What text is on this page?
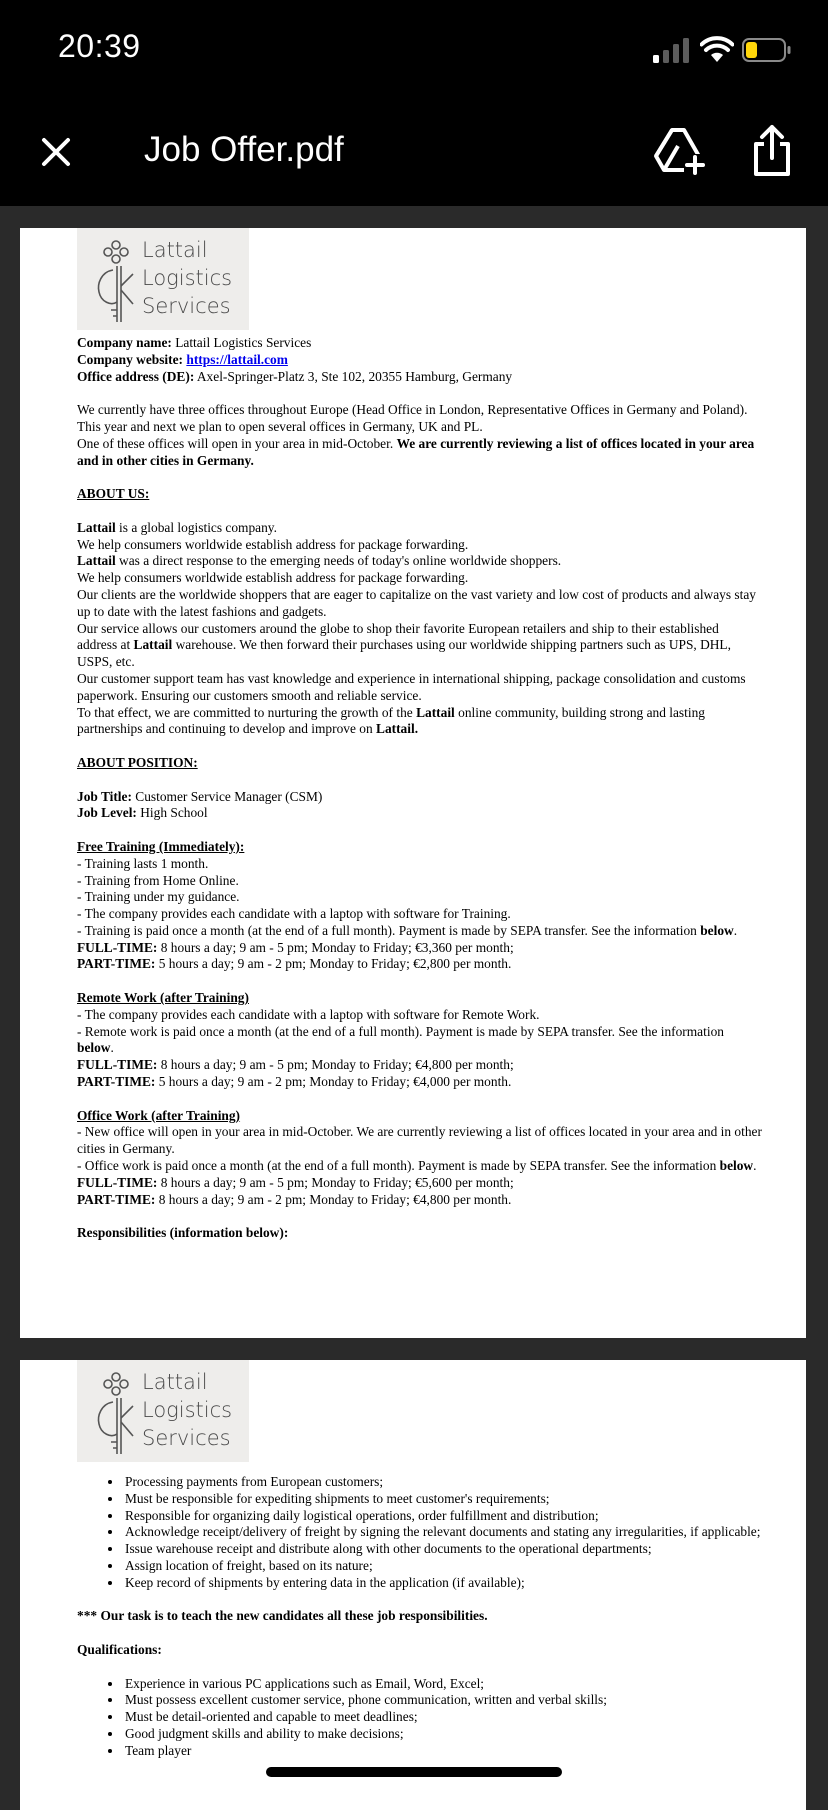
20:39
Job Offer.pdf
Lattail
Logistics
Services

Company name: Lattail Logistics Services

Company website: https://lattail.com

Office address (DE): Axel-Springer-Platz 3, Ste 102, 20355 Hamburg, Germany

We currently have three offices throughout Europe (Head Office in London, Representative Offices in Germany and Poland). This year and next we plan to open several offices in Germany, UK and PL.

One of these offices will open in your area in mid-October. We are currently reviewing a list of offices located in your area and in other cities in Germany.

ABOUT US:

Lattail is a global logistics company.

We help consumers worldwide establish address for package forwarding.

Lattail was a direct response to the emerging needs of today's online worldwide shoppers.

We help consumers worldwide establish address for package forwarding.

Our clients are the worldwide shoppers that are eager to capitalize on the vast variety and low cost of products and always stay up to date with the latest fashions and gadgets.

Our service allows our customers around the globe to shop their favorite European retailers and ship to their established address at Lattail warehouse. We then forward their purchases using our worldwide shipping partners such as UPS, DHL, USPS, etc.

Our customer support team has vast knowledge and experience in international shipping, package consolidation and customs paperwork. Ensuring our customers smooth and reliable service.

To that effect, we are committed to nurturing the growth of the Lattail online community, building strong and lasting partnerships and continuing to develop and improve on Lattail.

ABOUT POSITION:

Job Title: Customer Service Manager (CSM)

Job Level: High School

Free Training (Immediately):

- Training lasts 1 month.

- Training from Home Online.

- Training under my guidance.

- The company provides each candidate with a laptop with software for Training.

- Training is paid once a month (at the end of a full month). Payment is made by SEPA transfer. See the information below.

FULL-TIME: 8 hours a day; 9 am - 5 pm; Monday to Friday; €3,360 per month;

PART-TIME: 5 hours a day; 9 am - 2 pm; Monday to Friday; €2,800 per month.

Remote Work (after Training)

- The company provides each candidate with a laptop with software for Remote Work.

- Remote work is paid once a month (at the end of a full month). Payment is made by SEPA transfer. See the information below.

FULL-TIME: 8 hours a day; 9 am - 5 pm; Monday to Friday; €4,800 per month;

PART-TIME: 5 hours a day; 9 am - 2 pm; Monday to Friday; €4,000 per month.

Office Work (after Training)

- New office will open in your area in mid-October. We are currently reviewing a list of offices located in your area and in other cities in Germany.

- Office work is paid once a month (at the end of a full month). Payment is made by SEPA transfer. See the information below.

FULL-TIME: 8 hours a day; 9 am - 5 pm; Monday to Friday; €5,600 per month;

PART-TIME: 8 hours a day; 9 am - 2 pm; Monday to Friday; €4,800 per month.

Responsibilities (information below):

Lattail
Logistics
Services
• Processing payments from European customers;
• Must be responsible for expediting shipments to meet customer's requirements;
• Responsible for organizing daily logistical operations, order fulfillment and distribution;
• Acknowledge receipt/delivery of freight by signing the relevant documents and stating any irregularities, if applicable;
• Issue warehouse receipt and distribute along with other documents to the operational departments;
• Assign location of freight, based on its nature;
• Keep record of shipments by entering data in the application (if available);

*** Our task is to teach the new candidates all these job responsibilities.

Qualifications:

• Experience in various PC applications such as Email, Word, Excel;
• Must possess excellent customer service, phone communication, written and verbal skills;
• Must be detail-oriented and capable to meet deadlines;
• Good judgment skills and ability to make decisions;
• Team player
